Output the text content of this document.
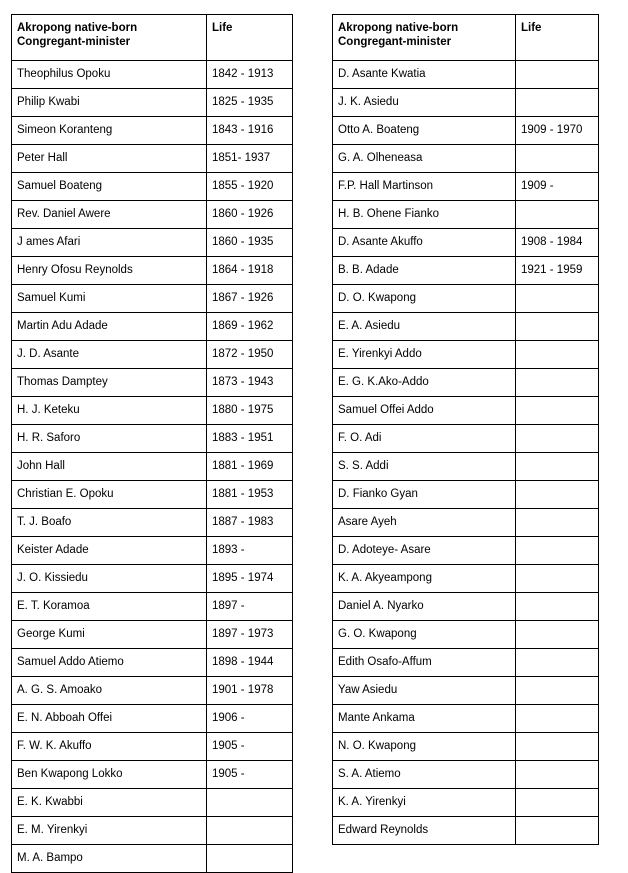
Akropong native-born
Congregant-minister	Life
Theophilus Opoku	1842 - 1913
Philip Kwabi	1825 - 1935
Simeon Koranteng	1843 - 1916
Peter Hall	1851- 1937
Samuel Boateng	1855 - 1920
Rev. Daniel Awere	1860 - 1926
J ames Afari	1860 - 1935
Henry Ofosu Reynolds	1864 - 1918
Samuel Kumi	1867 - 1926
Martin Adu Adade	1869 - 1962
J. D. Asante	1872 - 1950
Thomas Damptey	1873 - 1943
H. J. Keteku	1880 - 1975
H. R. Saforo	1883 - 1951
John Hall	1881 - 1969
Christian E. Opoku	1881 - 1953
T. J. Boafo	1887 - 1983
Keister Adade	1893 -
J. O. Kissiedu	1895 - 1974
E. T. Koramoa	1897 -
George Kumi	1897 - 1973
Samuel Addo Atiemo	1898 - 1944
A. G. S. Amoako	1901 - 1978
E. N. Abboah Offei	1906 -
F. W. K. Akuffo	1905 -
Ben Kwapong Lokko	1905 -
E. K. Kwabbi	
E. M. Yirenkyi	
M. A. Bampo	
Akropong native-born
Congregant-minister	Life
D. Asante Kwatia	
J. K. Asiedu	
Otto A. Boateng	1909 - 1970
G. A. Olheneasa	
F.P. Hall Martinson	1909 -
H. B. Ohene Fianko	
D. Asante Akuffo	1908 - 1984
B. B. Adade	1921 - 1959
D. O. Kwapong	
E. A. Asiedu	
E. Yirenkyi Addo	
E. G. K.Ako-Addo	
Samuel Offei Addo	
F. O. Adi	
S. S. Addi	
D. Fianko Gyan	
Asare Ayeh	
D. Adoteye- Asare	
K. A. Akyeampong	
Daniel A. Nyarko	
G. O. Kwapong	
Edith Osafo-Affum	
Yaw Asiedu	
Mante Ankama	
N. O. Kwapong	
S. A. Atiemo	
K. A. Yirenkyi	
Edward Reynolds	
